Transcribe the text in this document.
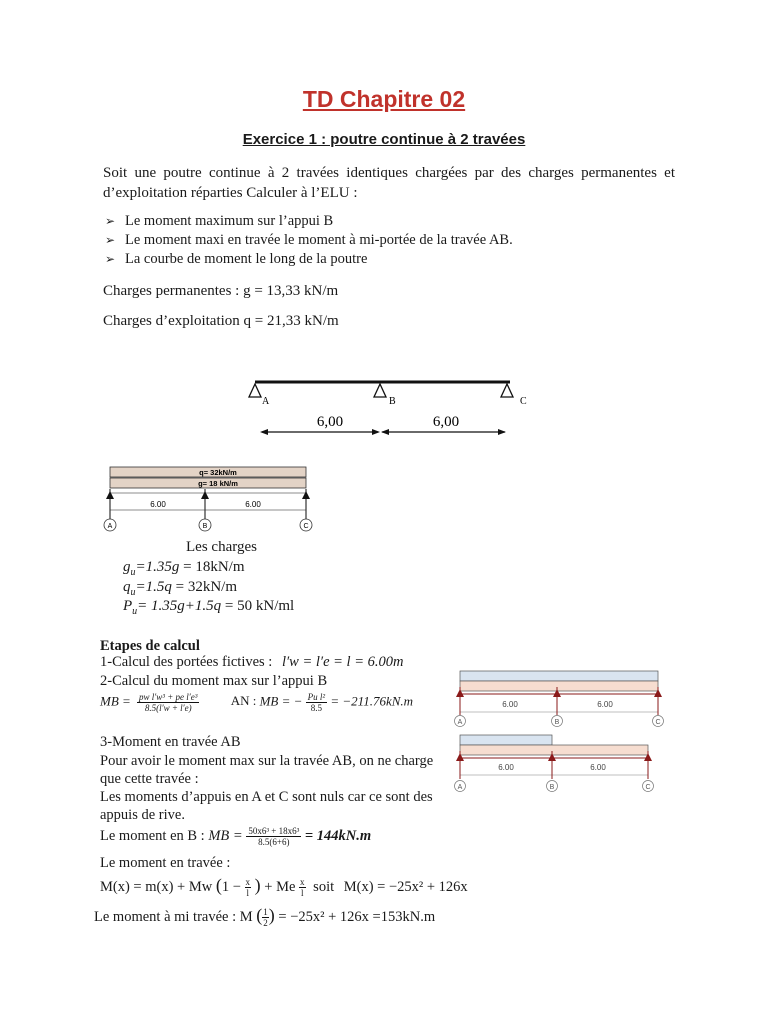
TD Chapitre 02
Exercice 1 : poutre continue à 2 travées
Soit une poutre continue à 2 travées identiques chargées par des charges permanentes et d’exploitation réparties Calculer à l’ELU :
➢ Le moment maximum sur l’appui B
➢ Le moment maxi en travée le moment à mi-portée de la travée AB.
➢ La courbe de moment le long de la poutre
Charges permanentes : g = 13,33 kN/m
Charges d’exploitation q = 21,33 kN/m
A	B	C
6,00	6,00
q= 32kN/m
g= 18 kN/m
6.00	6.00
A	B	C
Les charges
$g_u=1.35g = 18kN/m$
$q_u=1.5q = 32kN/m$
$P_u= 1.35g+1.5q = 50$ kN/ml
Etapes de calcul
1-Calcul des portées fictives : l′w = l′e = l = 6.00m
2-Calcul du moment max sur l’appui B
MB = $\frac{\text{pw l′w³ + pe l′e³}}{8.5(l'w + l'e)}$ AN : MB = − $\frac{\text{Pu l²}}{8.5} = -211.76kN.m$	6.00	6.00
A	B	C
3-Moment en travée AB
Pour avoir le moment max sur la travée AB, on ne charge que cette travée :
Les moments d’appuis en A et C sont nuls car ce sont des appuis de rive.
6.00	6.00
A	B	C
Le moment en B : MB = $\frac{\text{50x6³ + 18x6³}}{8.5(6+6)} = 144kN.m$
Le moment en travée :
M(x) = m(x) + Mw ($1 - \frac{x}{l}$ ) + Me $\frac{x}{l}$ soit M(x) = −25x² + 126x
Le moment à mi travée : M ( $\frac{1}{2}$ ) = −25x² + 126x =153kN.m
